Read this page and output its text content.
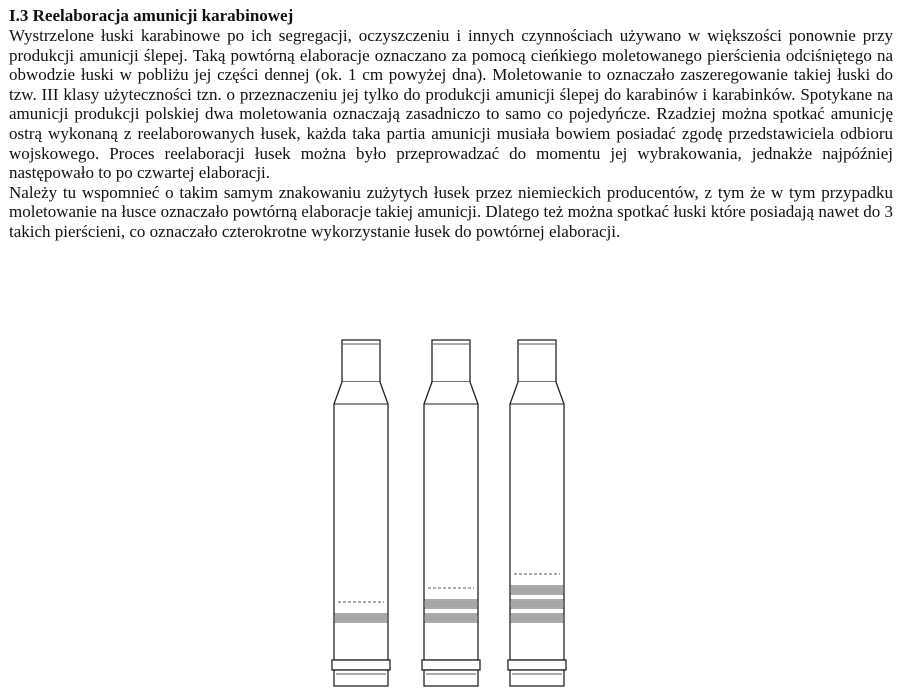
I.3 Reelaboracja amunicji karabinowej

Wystrzelone łuski karabinowe po ich segregacji, oczyszczeniu i innych czynnościach używano w większości ponownie przy produkcji amunicji ślepej. Taką powtórną elaboracje oznaczano za pomocą cieńkiego moletowanego pierścienia odciśniętego na obwodzie łuski w pobliżu jej części dennej (ok. 1 cm powyżej dna). Moletowanie to oznaczało zaszeregowanie takiej łuski do tzw. III klasy użyteczności tzn. o przeznaczeniu jej tylko do produkcji amunicji ślepej do karabinów i karabinków. Spotykane na amunicji produkcji polskiej dwa moletowania oznaczają zasadniczo to samo co pojedyńcze. Rzadziej można spotkać amunicję ostrą wykonaną z reelaborowanych łusek, każda taka partia amunicji musiała bowiem posiadać zgodę przedstawiciela odbioru wojskowego. Proces reelaboracji łusek można było przeprowadzać do momentu jej wybrakowania, jednakże najpóźniej następowało to po czwartej elaboracji.

Należy tu wspomnieć o takim samym znakowaniu zużytych łusek przez niemieckich producentów, z tym że w tym przypadku moletowanie na łusce oznaczało powtórną elaboracje takiej amunicji. Dlatego też można spotkać łuski które posiadają nawet do 3 takich pierścieni, co oznaczało czterokrotne wykorzystanie łusek do powtórnej elaboracji.
